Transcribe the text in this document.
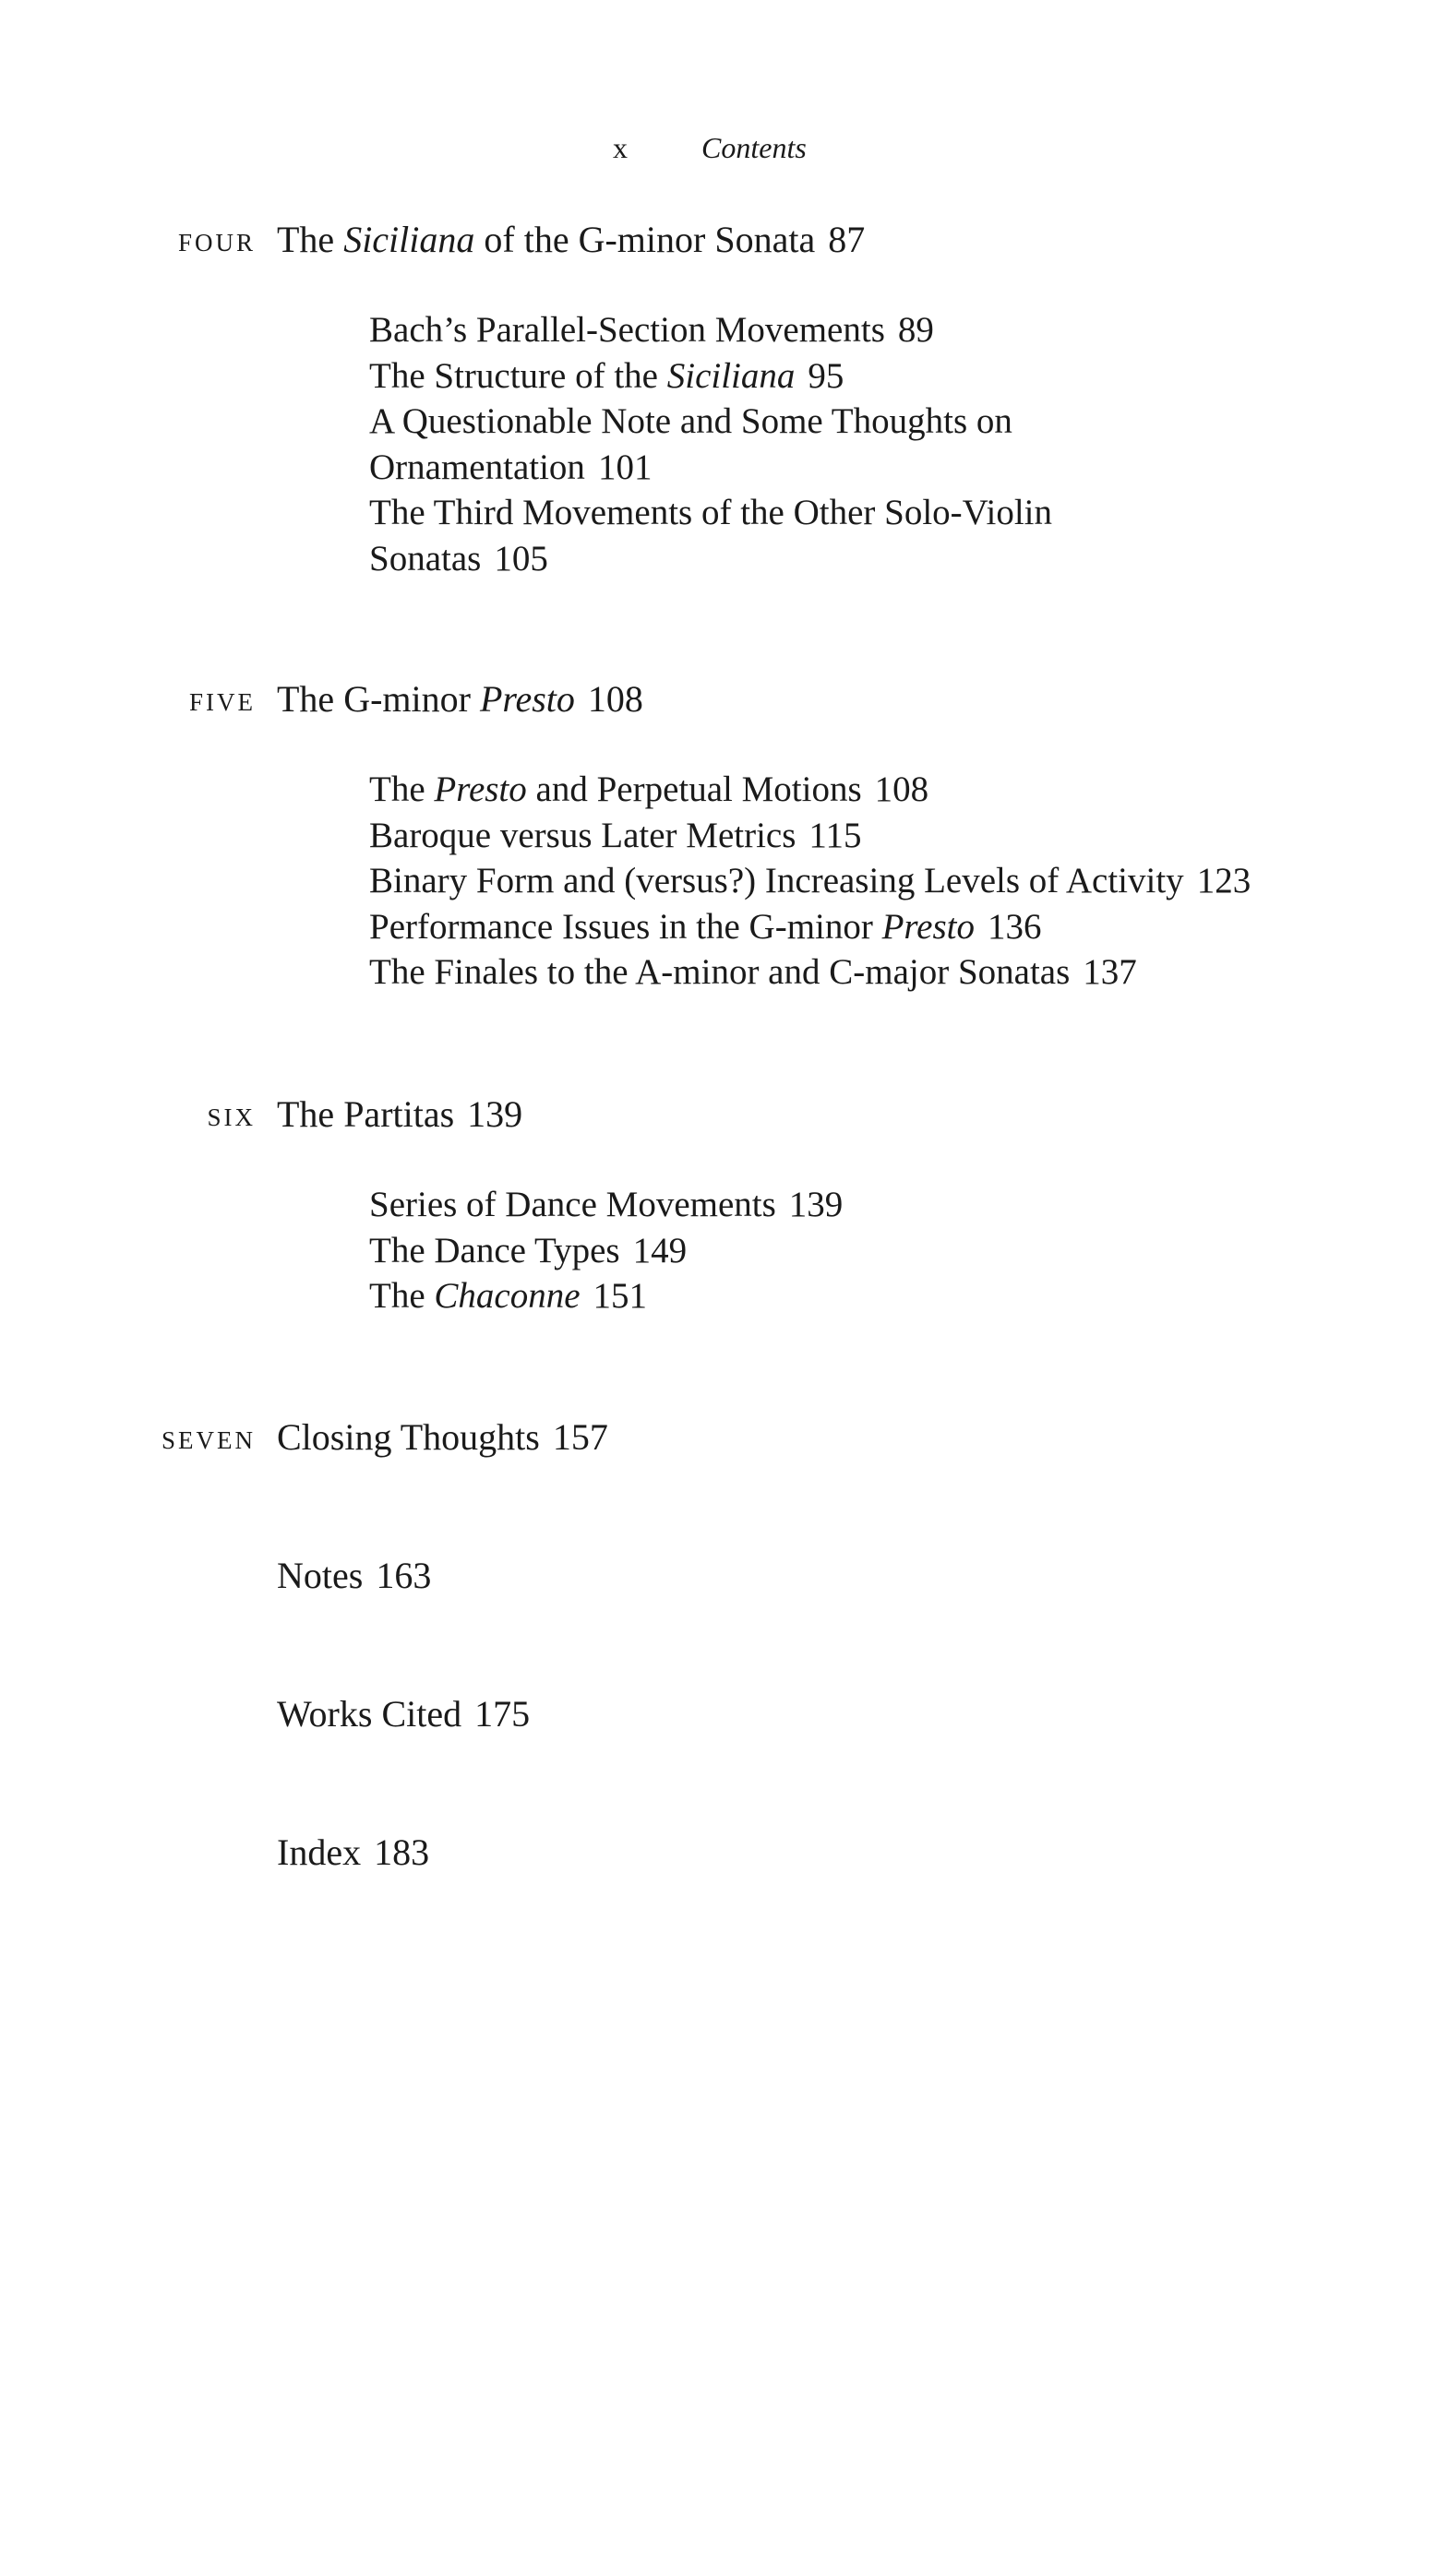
x	Contents
four The Siciliana of the G-minor Sonata 87
Bach’s Parallel-Section Movements 89
The Structure of the Siciliana 95
A Questionable Note and Some Thoughts on
Ornamentation 101
The Third Movements of the Other Solo-Violin
Sonatas 105
five The G-minor Presto 108
The Presto and Perpetual Motions 108
Baroque versus Later Metrics 115
Binary Form and (versus?) Increasing Levels of Activity 123
Performance Issues in the G-minor Presto 136
The Finales to the A-minor and C-major Sonatas 137
six The Partitas 139
Series of Dance Movements 139
The Dance Types 149
The Chaconne 151
seven Closing Thoughts 157
Notes 163
Works Cited 175
Index 183
